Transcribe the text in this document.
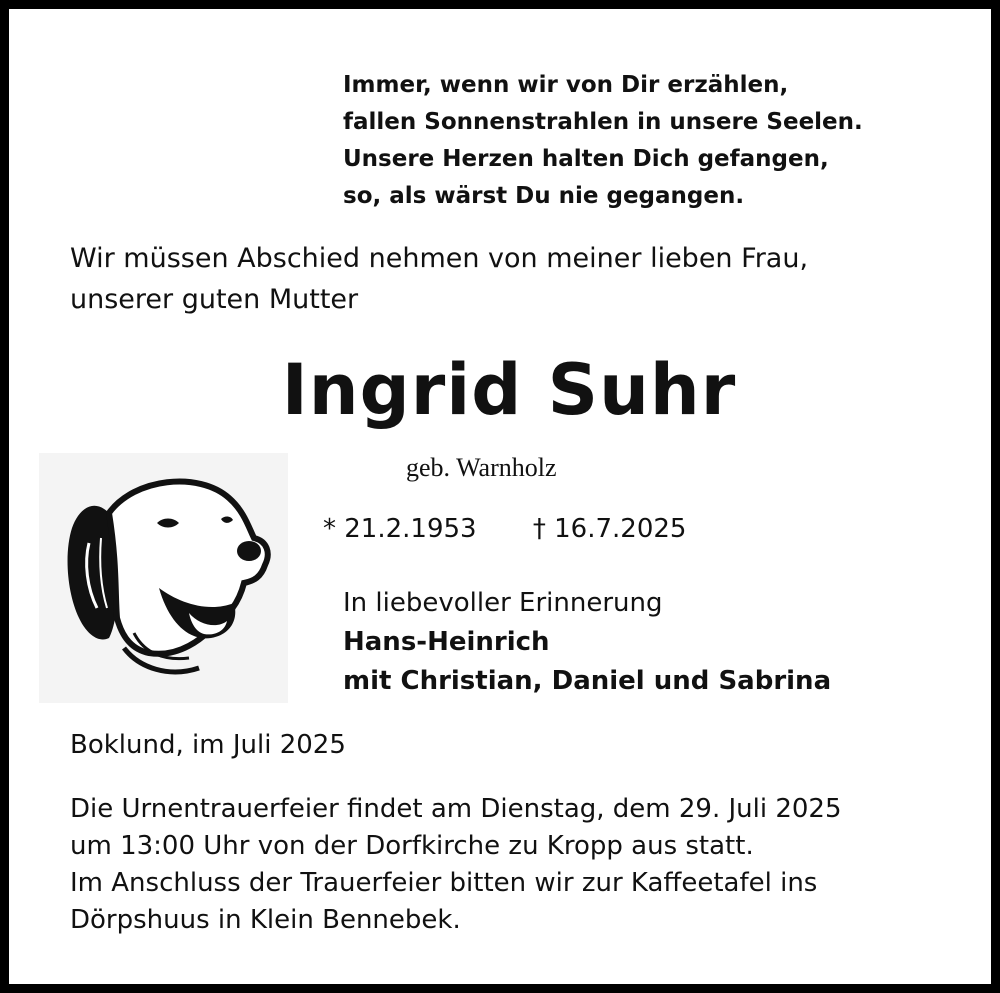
Immer, wenn wir von Dir erzählen,
fallen Sonnenstrahlen in unsere Seelen.
Unsere Herzen halten Dich gefangen,
so, als wärst Du nie gegangen.
Wir müssen Abschied nehmen von meiner lieben Frau,
unserer guten Mutter
Ingrid Suhr
geb. Warnholz
* 21.2.1953 † 16.7.2025
In liebevoller Erinnerung
Hans-Heinrich
mit Christian, Daniel und Sabrina
Boklund, im Juli 2025
Die Urnentrauerfeier findet am Dienstag, dem 29. Juli 2025
um 13:00 Uhr von der Dorfkirche zu Kropp aus statt.
Im Anschluss der Trauerfeier bitten wir zur Kaffeetafel ins
Dörpshuus in Klein Bennebek.
